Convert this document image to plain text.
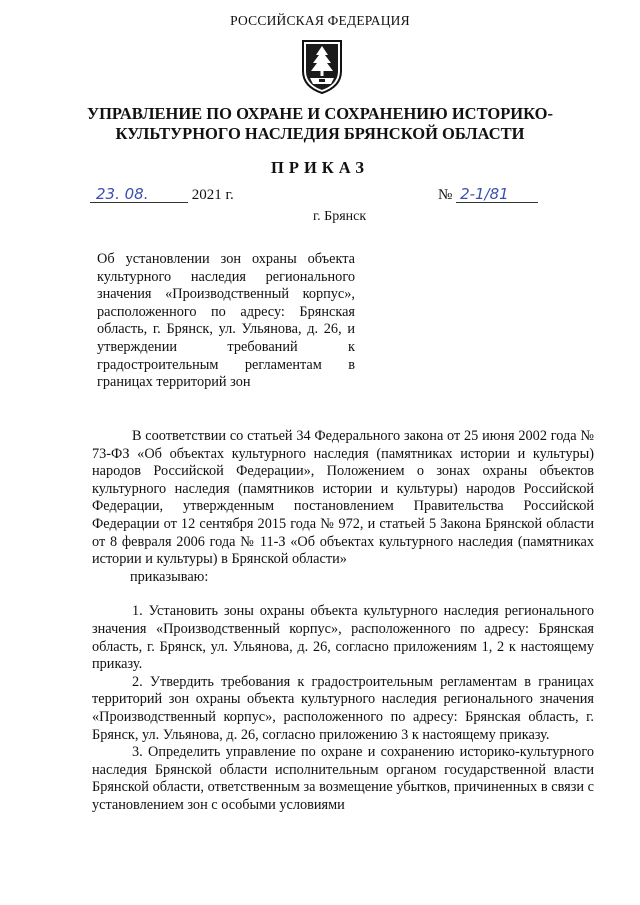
РОССИЙСКАЯ ФЕДЕРАЦИЯ
УПРАВЛЕНИЕ ПО ОХРАНЕ И СОХРАНЕНИЮ ИСТОРИКО-
КУЛЬТУРНОГО НАСЛЕДИЯ БРЯНСКОЙ ОБЛАСТИ
ПРИКАЗ
23. 08.	2021 г.	№ 2-1/81
г. Брянск
Об установлении зон охраны объекта культурного наследия регионального значения «Производственный корпус», расположенного по адресу: Брянская область, г. Брянск, ул. Ульянова, д. 26, и утверждении требований к градостроительным регламентам в границах территорий зон

В соответствии со статьей 34 Федерального закона от 25 июня 2002 года № 73-ФЗ «Об объектах культурного наследия (памятниках истории и культуры) народов Российской Федерации», Положением о зонах охраны объектов культурного наследия (памятников истории и культуры) народов Российской Федерации, утвержденным постановлением Правительства Российской Федерации от 12 сентября 2015 года № 972, и статьей 5 Закона Брянской области от 8 февраля 2006 года № 11-З «Об объектах культурного наследия (памятниках истории и культуры) в Брянской области»

приказываю:

1. Установить зоны охраны объекта культурного наследия регионального значения «Производственный корпус», расположенного по адресу: Брянская область, г. Брянск, ул. Ульянова, д. 26, согласно приложениям 1, 2 к настоящему приказу.

2. Утвердить требования к градостроительным регламентам в границах территорий зон охраны объекта культурного наследия регионального значения «Производственный корпус», расположенного по адресу: Брянская область, г. Брянск, ул. Ульянова, д. 26, согласно приложению 3 к настоящему приказу.

3. Определить управление по охране и сохранению историко-культурного наследия Брянской области исполнительным органом государственной власти Брянской области, ответственным за возмещение убытков, причиненных в связи с установлением зон с особыми условиями
